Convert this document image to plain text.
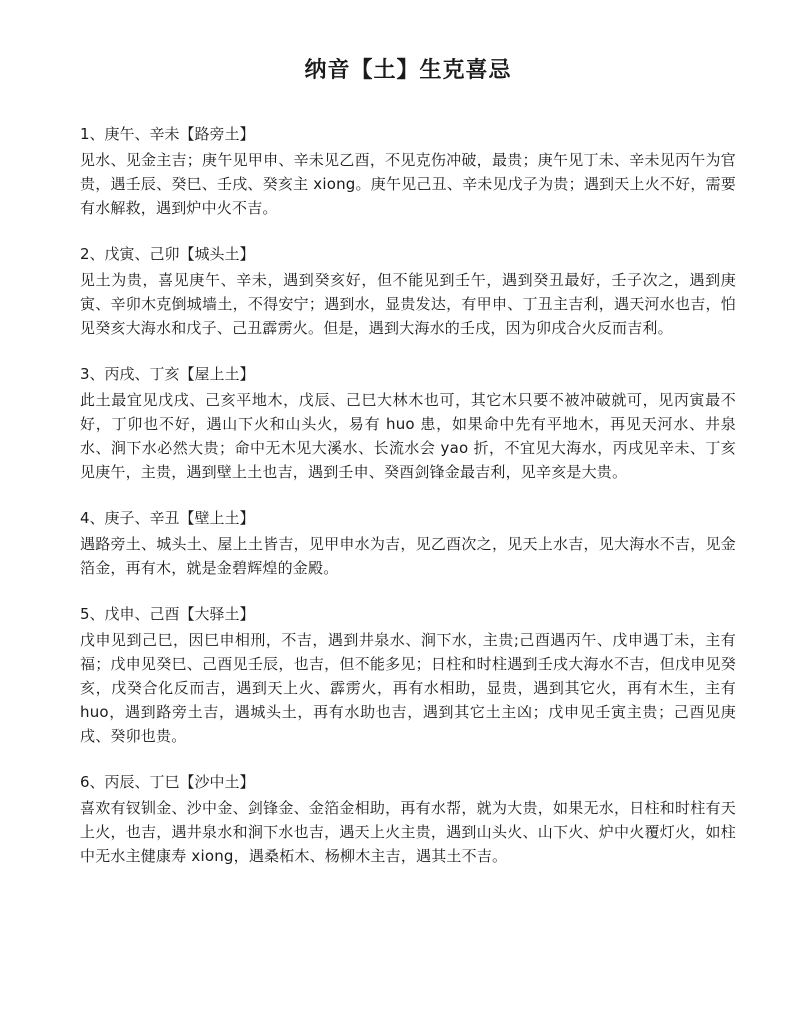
纳音【土】生克喜忌
1、庚午、辛未【路旁土】

见水、见金主吉；庚午见甲申、辛未见乙酉，不见克伤冲破，最贵；庚午见丁未、辛未见丙午为官贵，遇壬辰、癸巳、壬戌、癸亥主 xiong。庚午见己丑、辛未见戊子为贵；遇到天上火不好，需要有水解救，遇到炉中火不吉。

2、戊寅、己卯【城头土】

见土为贵，喜见庚午、辛未，遇到癸亥好，但不能见到壬午，遇到癸丑最好，壬子次之，遇到庚寅、辛卯木克倒城墙土，不得安宁；遇到水，显贵发达，有甲申、丁丑主吉利，遇天河水也吉，怕见癸亥大海水和戊子、己丑霹雳火。但是，遇到大海水的壬戌，因为卯戌合火反而吉利。

3、丙戌、丁亥【屋上土】

此土最宜见戊戌、己亥平地木，戊辰、己巳大林木也可，其它木只要不被冲破就可，见丙寅最不好，丁卯也不好，遇山下火和山头火，易有 huo 患，如果命中先有平地木，再见天河水、井泉水、涧下水必然大贵；命中无木见大溪水、长流水会 yao 折，不宜见大海水，丙戌见辛未、丁亥见庚午，主贵，遇到壁上土也吉，遇到壬申、癸酉剑锋金最吉利，见辛亥是大贵。

4、庚子、辛丑【壁上土】

遇路旁土、城头土、屋上土皆吉，见甲申水为吉，见乙酉次之，见天上水吉，见大海水不吉，见金箔金，再有木，就是金碧辉煌的金殿。

5、戊申、己酉【大驿土】

戊申见到己巳，因巳申相刑，不吉，遇到井泉水、涧下水，主贵;己酉遇丙午、戊申遇丁未，主有福；戊申见癸巳、己酉见壬辰，也吉，但不能多见；日柱和时柱遇到壬戌大海水不吉，但戊申见癸亥，戊癸合化反而吉，遇到天上火、霹雳火，再有水相助，显贵，遇到其它火，再有木生，主有 huo，遇到路旁土吉，遇城头土，再有水助也吉，遇到其它土主凶；戊申见壬寅主贵；己酉见庚戌、癸卯也贵。

6、丙辰、丁巳【沙中土】

喜欢有钗钏金、沙中金、剑锋金、金箔金相助，再有水帮，就为大贵，如果无水，日柱和时柱有天上火，也吉，遇井泉水和涧下水也吉，遇天上火主贵，遇到山头火、山下火、炉中火覆灯火，如柱中无水主健康寿 xiong，遇桑柘木、杨柳木主吉，遇其土不吉。
